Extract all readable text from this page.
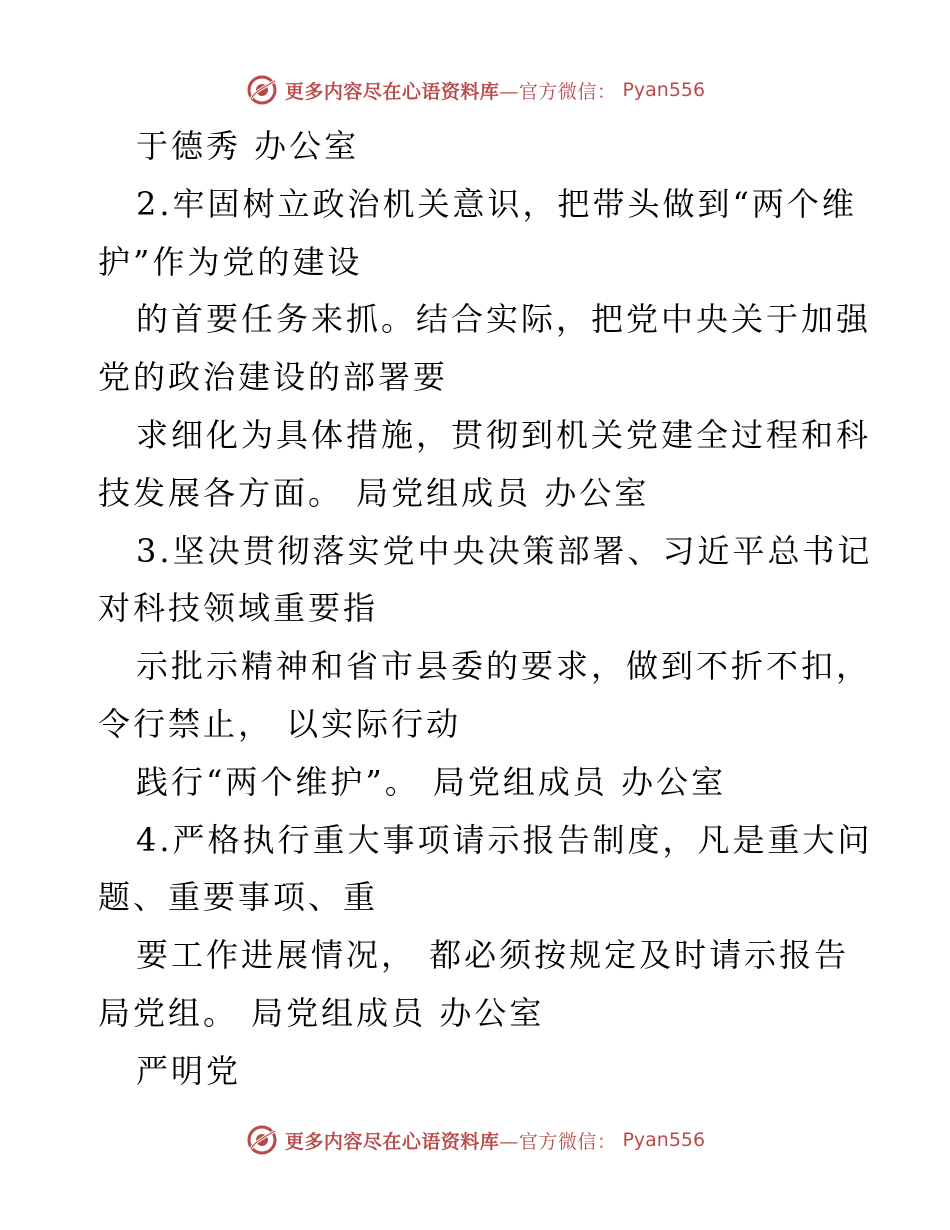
更多内容尽在心语资料库—官方微信： Pyan556
于德秀 办公室
2.牢固树立政治机关意识，把带头做到“两个维
护”作为党的建设
的首要任务来抓。结合实际，把党中央关于加强
党的政治建设的部署要
求细化为具体措施，贯彻到机关党建全过程和科
技发展各方面。 局党组成员 办公室
3.坚决贯彻落实党中央决策部署、习近平总书记
对科技领域重要指
示批示精神和省市县委的要求，做到不折不扣，
令行禁止， 以实际行动
践行“两个维护”。 局党组成员 办公室
4.严格执行重大事项请示报告制度，凡是重大问
题、重要事项、重
要工作进展情况， 都必须按规定及时请示报告
局党组。 局党组成员 办公室
严明党
更多内容尽在心语资料库—官方微信： Pyan556
